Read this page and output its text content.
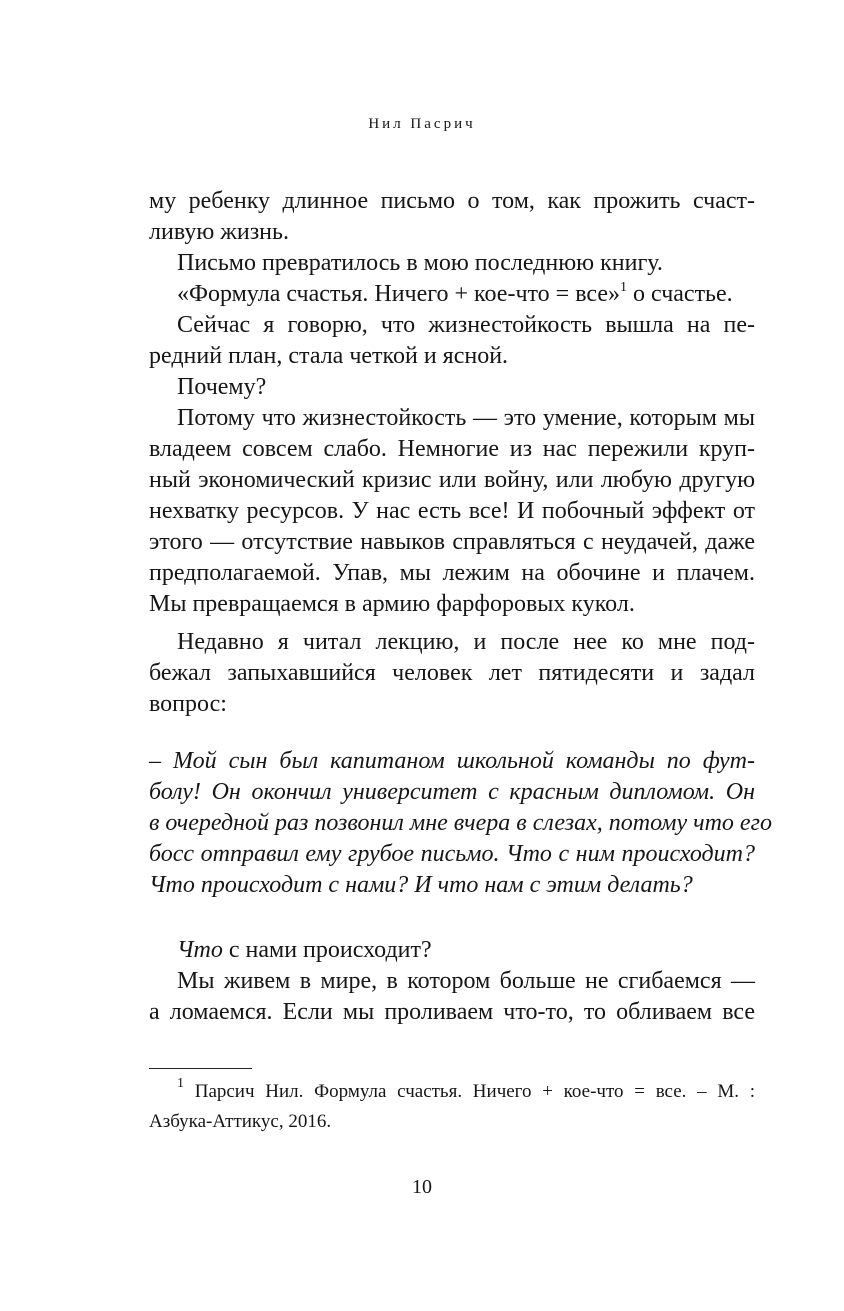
Нил Пасрич
му ребенку длинное письмо о том, как прожить счаст-
ливую жизнь.
Письмо превратилось в мою последнюю книгу.
«Формула счастья. Ничего + кое-что = все»$^1$ о счастье.
Сейчас я говорю, что жизнестойкость вышла на пе-
редний план, стала четкой и ясной.
Почему?
Потому что жизнестойкость — это умение, которым мы
владеем совсем слабо. Немногие из нас пережили круп-
ный экономический кризис или войну, или любую другую
нехватку ресурсов. У нас есть все! И побочный эффект от
этого — отсутствие навыков справляться с неудачей, даже
предполагаемой. Упав, мы лежим на обочине и плачем.
Мы превращаемся в армию фарфоровых кукол.
Недавно я читал лекцию, и после нее ко мне под-
бежал запыхавшийся человек лет пятидесяти и задал
вопрос:
– Мой сын был капитаном школьной команды по фут-
болу! Он окончил университет с красным дипломом. Он
в очередной раз позвонил мне вчера в слезах, потому что его
босс отправил ему грубое письмо. Что с ним происходит?
Что происходит с нами? И что нам с этим делать?
Что с нами происходит?
Мы живем в мире, в котором больше не сгибаемся —
а ломаемся. Если мы проливаем что-то, то обливаем все
$^1$ Парсич Нил. Формула счастья. Ничего + кое-что = все. – М. :
Азбука-Аттикус, 2016.
10
